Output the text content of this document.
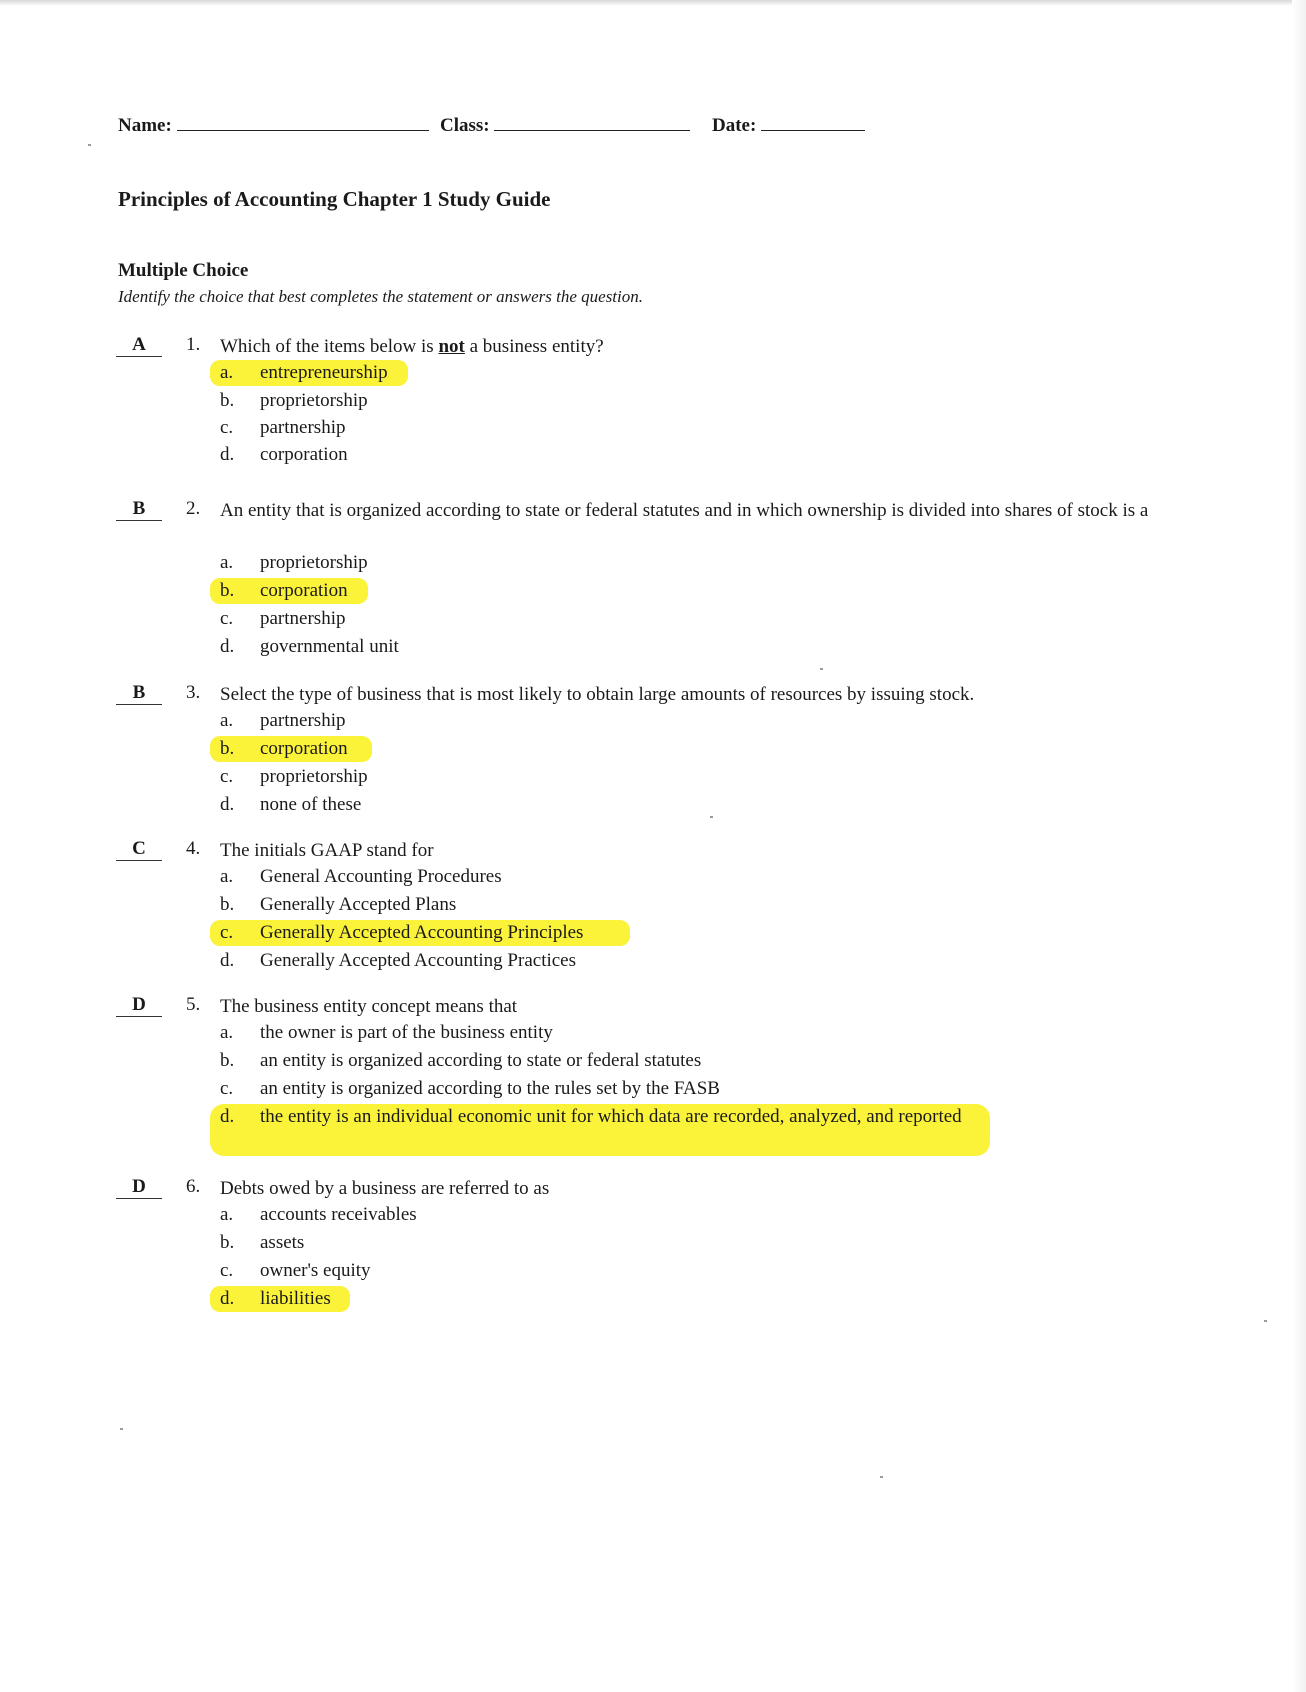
Name:	Class:	Date:
Principles of Accounting Chapter 1 Study Guide
Multiple Choice
Identify the choice that best completes the statement or answers the question.
A	1. Which of the items below is not a business entity?
a. entrepreneurship
b. proprietorship
c. partnership
d. corporation
B	2. An entity that is organized according to state or federal statutes and in which ownership is divided into shares of stock is a
a. proprietorship
b. corporation
c. partnership
d. governmental unit
B	3. Select the type of business that is most likely to obtain large amounts of resources by issuing stock.
a. partnership
b. corporation
c. proprietorship
d. none of these
C	4. The initials GAAP stand for
a. General Accounting Procedures
b. Generally Accepted Plans
c. Generally Accepted Accounting Principles
d. Generally Accepted Accounting Practices
D	5. The business entity concept means that
a. the owner is part of the business entity
b. an entity is organized according to state or federal statutes
c. an entity is organized according to the rules set by the FASB
d. the entity is an individual economic unit for which data are recorded, analyzed, and reported
D	6. Debts owed by a business are referred to as
a. accounts receivables
b. assets
c. owner's equity
d. liabilities
